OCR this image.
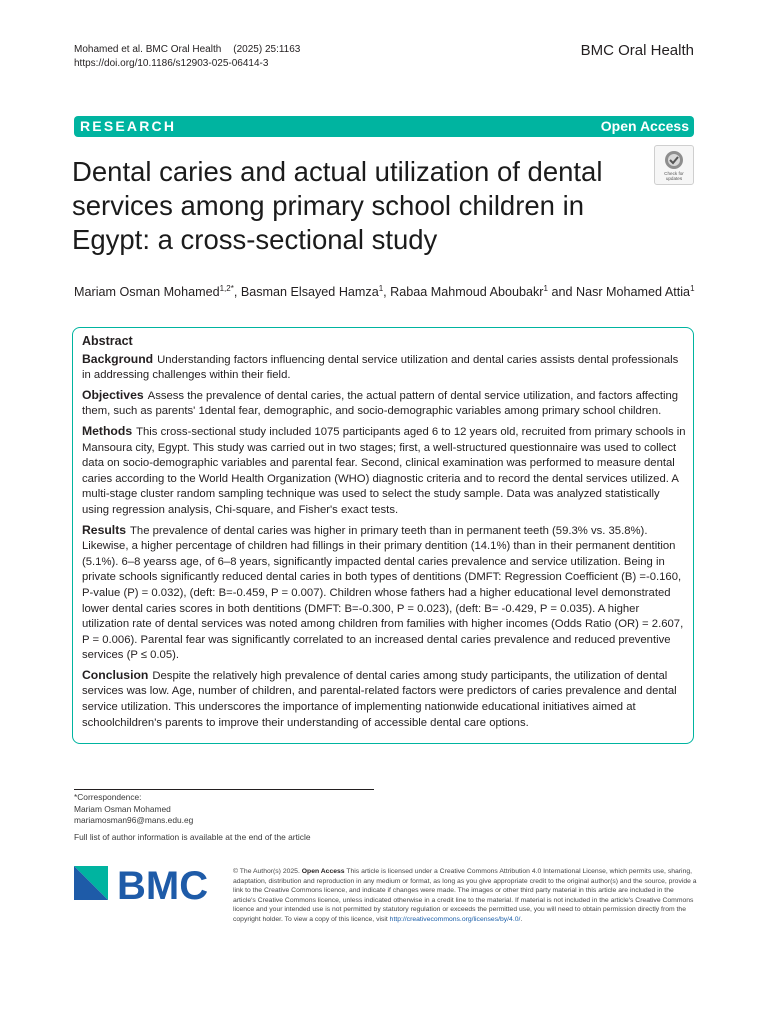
Mohamed et al. BMC Oral Health (2025) 25:1163
https://doi.org/10.1186/s12903-025-06414-3
BMC Oral Health
RESEARCH	Open Access
Check for
updates
Dental caries and actual utilization of dental services among primary school children in Egypt: a cross-sectional study
Mariam Osman Mohamed$^{1,2*}$, Basman Elsayed Hamza$^1$, Rabaa Mahmoud Aboubakr$^1$ and Nasr Mohamed Attia$^1$
Abstract

Background Understanding factors influencing dental service utilization and dental caries assists dental professionals in addressing challenges within their field.

Objectives Assess the prevalence of dental caries, the actual pattern of dental service utilization, and factors affecting them, such as parents' 1dental fear, demographic, and socio-demographic variables among primary school children.

Methods This cross-sectional study included 1075 participants aged 6 to 12 years old, recruited from primary schools in Mansoura city, Egypt. This study was carried out in two stages; first, a well-structured questionnaire was used to collect data on socio-demographic variables and parental fear. Second, clinical examination was performed to measure dental caries according to the World Health Organization (WHO) diagnostic criteria and to record the dental services utilized. A multi-stage cluster random sampling technique was used to select the study sample. Data was analyzed statistically using regression analysis, Chi-square, and Fisher's exact tests.

Results The prevalence of dental caries was higher in primary teeth than in permanent teeth (59.3% vs. 35.8%). Likewise, a higher percentage of children had fillings in their primary dentition (14.1%) than in their permanent dentition (5.1%). 6–8 yearss age, of 6–8 years, significantly impacted dental caries prevalence and service utilization. Being in private schools significantly reduced dental caries in both types of dentitions (DMFT: Regression Coefficient (B) =-0.160, P-value (P) = 0.032), (deft: B=-0.459, P = 0.007). Children whose fathers had a higher educational level demonstrated lower dental caries scores in both dentitions (DMFT: B=-0.300, P = 0.023), (deft: B= -0.429, P = 0.035). A higher utilization rate of dental services was noted among children from families with higher incomes (Odds Ratio (OR) = 2.607, P = 0.006). Parental fear was significantly correlated to an increased dental caries prevalence and reduced preventive services (P ≤ 0.05).

Conclusion Despite the relatively high prevalence of dental caries among study participants, the utilization of dental services was low. Age, number of children, and parental-related factors were predictors of caries prevalence and dental service utilization. This underscores the importance of implementing nationwide educational initiatives aimed at schoolchildren's parents to improve their understanding of accessible dental care options.

*Correspondence:
Mariam Osman Mohamed
mariamosman96@mans.edu.eg
Full list of author information is available at the end of the article
BMC	© The Author(s) 2025. Open Access This article is licensed under a Creative Commons Attribution 4.0 International License, which permits use, sharing, adaptation, distribution and reproduction in any medium or format, as long as you give appropriate credit to the original author(s) and the source, provide a link to the Creative Commons licence, and indicate if changes were made. The images or other third party material in this article are included in the article's Creative Commons licence, unless indicated otherwise in a credit line to the material. If material is not included in the article's Creative Commons licence and your intended use is not permitted by statutory regulation or exceeds the permitted use, you will need to obtain permission directly from the copyright holder. To view a copy of this licence, visit http://creativecommons.org/licenses/by/4.0/.
